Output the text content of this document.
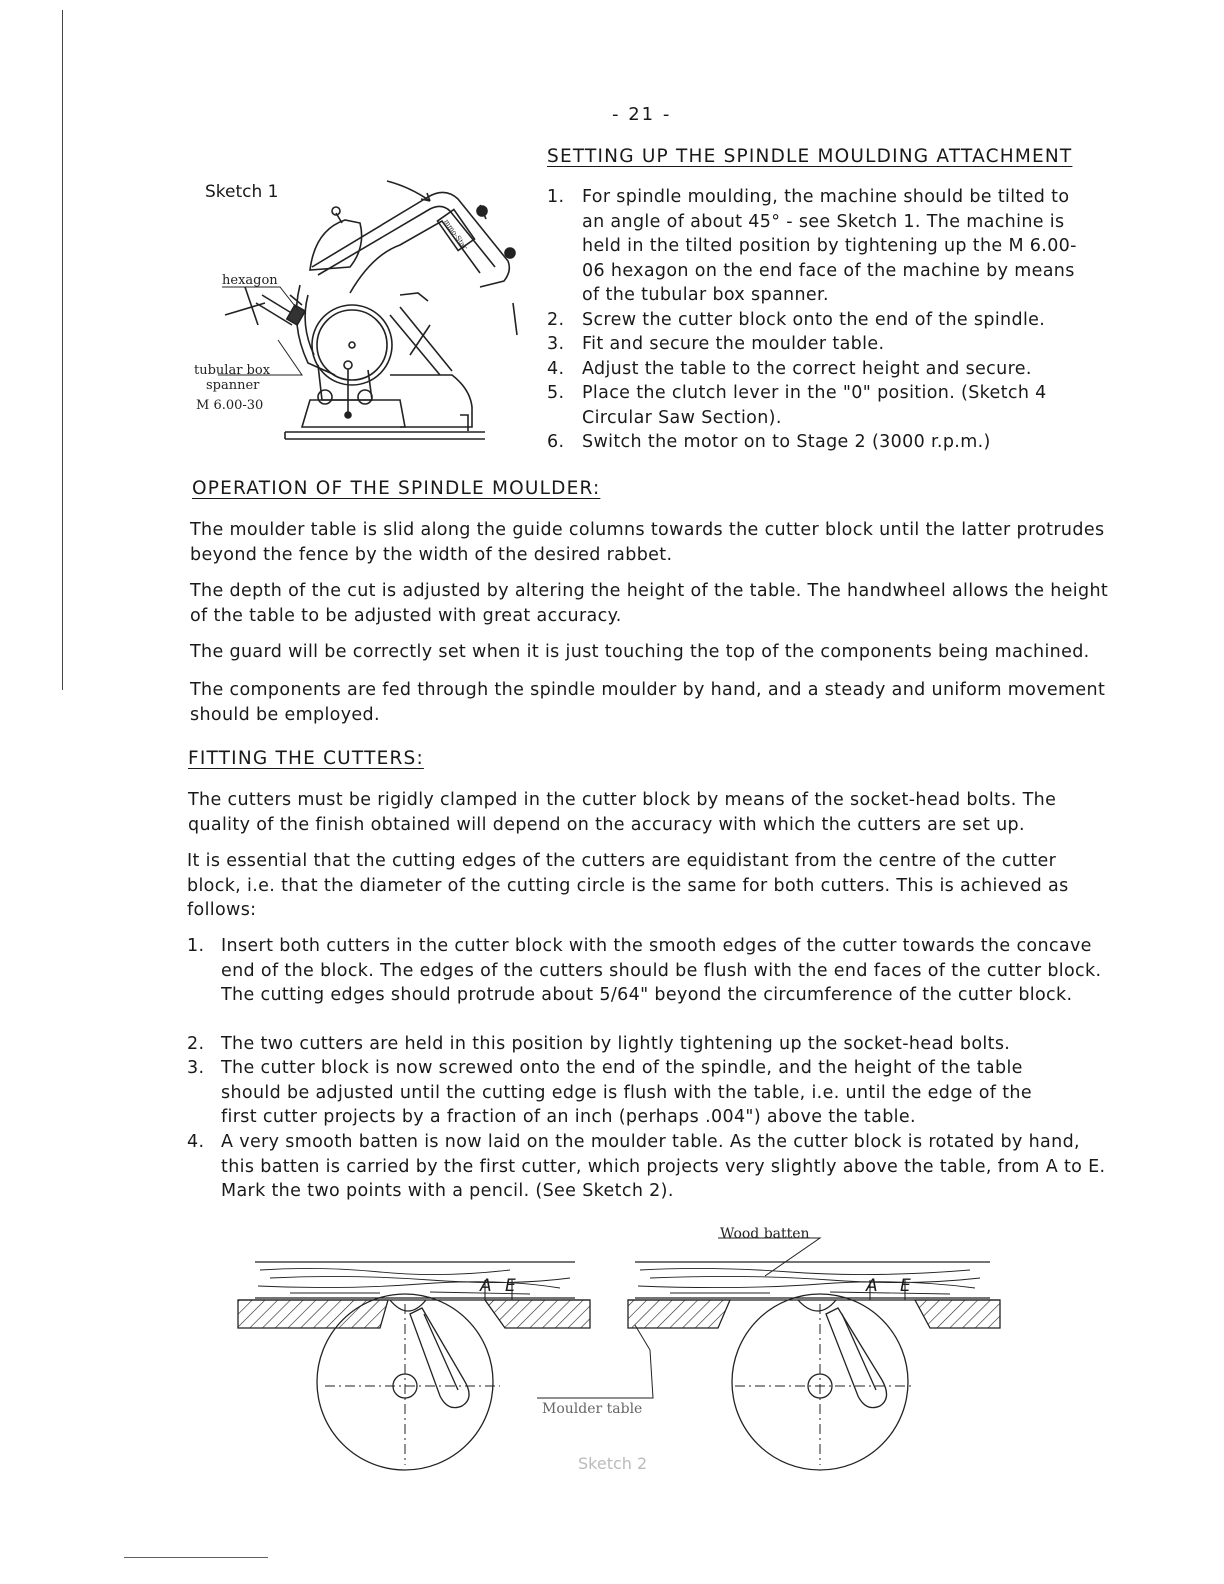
- 21 -
SETTING UP THE SPINDLE MOULDING ATTACHMENT
1. For spindle moulding, the machine should be tilted to an angle of about 45° - see Sketch 1. The machine is held in the tilted position by tightening up the M 6.00-06 hexagon on the end face of the machine by means of the tubular box spanner.
2. Screw the cutter block onto the end of the spindle.
3. Fit and secure the moulder table.
4. Adjust the table to the correct height and secure.
5. Place the clutch lever in the "0" position. (Sketch 4 Circular Saw Section).
6. Switch the motor on to Stage 2 (3000 r.p.m.)
Sketch 1
hexagon
tubular box
spanner
M 6.00-30
mmo-Star
OPERATION OF THE SPINDLE MOULDER:
The moulder table is slid along the guide columns towards the cutter block until the latter protrudes beyond the fence by the width of the desired rabbet.
The depth of the cut is adjusted by altering the height of the table. The handwheel allows the height of the table to be adjusted with great accuracy.
The guard will be correctly set when it is just touching the top of the components being machined.
The components are fed through the spindle moulder by hand, and a steady and uniform movement should be employed.
FITTING THE CUTTERS:
The cutters must be rigidly clamped in the cutter block by means of the socket-head bolts. The quality of the finish obtained will depend on the accuracy with which the cutters are set up.
It is essential that the cutting edges of the cutters are equidistant from the centre of the cutter block, i.e. that the diameter of the cutting circle is the same for both cutters. This is achieved as follows:
1. Insert both cutters in the cutter block with the smooth edges of the cutter towards the concave end of the block. The edges of the cutters should be flush with the end faces of the cutter block. The cutting edges should protrude about 5/64" beyond the circumference of the cutter block.
2. The two cutters are held in this position by lightly tightening up the socket-head bolts.
3. The cutter block is now screwed onto the end of the spindle, and the height of the table should be adjusted until the cutting edge is flush with the table, i.e. until the edge of the first cutter projects by a fraction of an inch (perhaps .004") above the table.
4. A very smooth batten is now laid on the moulder table. As the cutter block is rotated by hand, this batten is carried by the first cutter, which projects very slightly above the table, from A to E. Mark the two points with a pencil. (See Sketch 2).
A E	A E
Wood batten
Moulder table
Sketch 2
